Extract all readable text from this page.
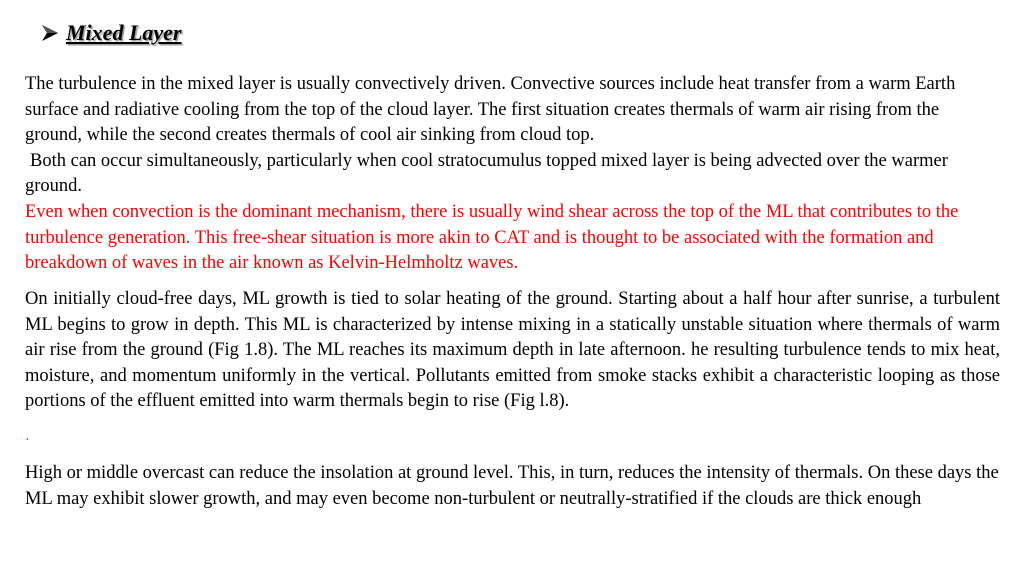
Mixed Layer

The turbulence in the mixed layer is usually convectively driven. Convective sources include heat transfer from a warm Earth surface and radiative cooling from the top of the cloud layer. The first situation creates thermals of warm air rising from the ground, while the second creates thermals of cool air sinking from cloud top.
Both can occur simultaneously, particularly when cool stratocumulus topped mixed layer is being advected over the warmer ground.

Even when convection is the dominant mechanism, there is usually wind shear across the top of the ML that contributes to the turbulence generation. This free-shear situation is more akin to CAT and is thought to be associated with the formation and breakdown of waves in the air known as Kelvin-Helmholtz waves.

On initially cloud-free days, ML growth is tied to solar heating of the ground. Starting about a half hour after sunrise, a turbulent ML begins to grow in depth. This ML is characterized by intense mixing in a statically unstable situation where thermals of warm air rise from the ground (Fig 1.8). The ML reaches its maximum depth in late afternoon. he resulting turbulence tends to mix heat, moisture, and momentum uniformly in the vertical. Pollutants emitted from smoke stacks exhibit a characteristic looping as those portions of the effluent emitted into warm thermals begin to rise (Fig l.8).

·

High or middle overcast can reduce the insolation at ground level. This, in turn, reduces the intensity of thermals. On these days the ML may exhibit slower growth, and may even become non-turbulent or neutrally-stratified if the clouds are thick enough
